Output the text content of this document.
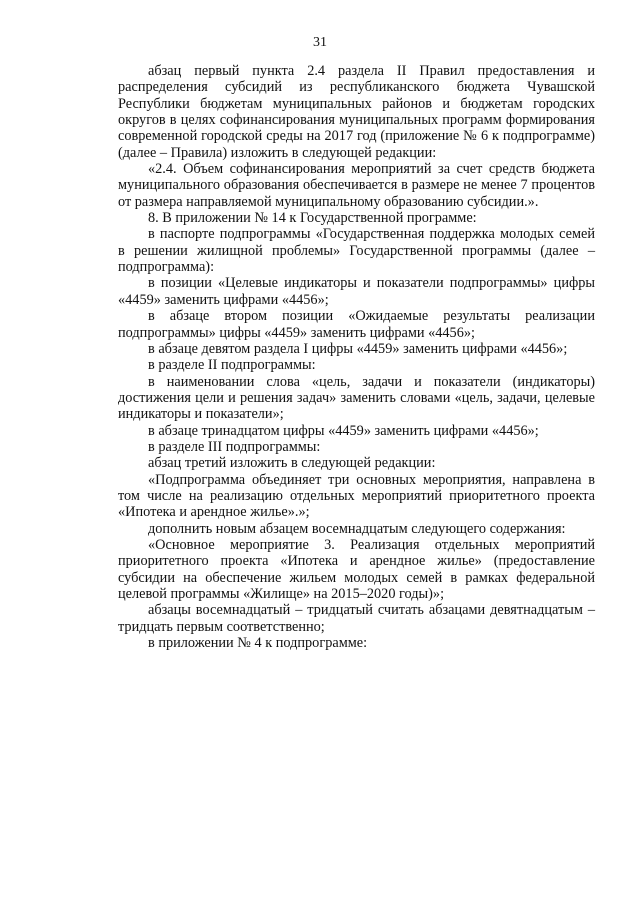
31

абзац первый пункта 2.4 раздела II Правил предоставления и распределения субсидий из республиканского бюджета Чувашской Республики бюджетам муниципальных районов и бюджетам городских округов в целях софинансирования муниципальных программ формирования современной городской среды на 2017 год (приложение № 6 к подпрограмме) (далее – Правила) изложить в следующей редакции:

«2.4. Объем софинансирования мероприятий за счет средств бюджета муниципального образования обеспечивается в размере не менее 7 процентов от размера направляемой муниципальному образованию субсидии.».

8. В приложении № 14 к Государственной программе:

в паспорте подпрограммы «Государственная поддержка молодых семей в решении жилищной проблемы» Государственной программы (далее – подпрограмма):

в позиции «Целевые индикаторы и показатели подпрограммы» цифры «4459» заменить цифрами «4456»;

в абзаце втором позиции «Ожидаемые результаты реализации подпрограммы» цифры «4459» заменить цифрами «4456»;

в абзаце девятом раздела I цифры «4459» заменить цифрами «4456»;

в разделе II подпрограммы:

в наименовании слова «цель, задачи и показатели (индикаторы) достижения цели и решения задач» заменить словами «цель, задачи, целевые индикаторы и показатели»;

в абзаце тринадцатом цифры «4459» заменить цифрами «4456»;

в разделе III подпрограммы:

абзац третий изложить в следующей редакции:

«Подпрограмма объединяет три основных мероприятия, направлена в том числе на реализацию отдельных мероприятий приоритетного проекта «Ипотека и арендное жилье».»;

дополнить новым абзацем восемнадцатым следующего содержания:

«Основное мероприятие 3. Реализация отдельных мероприятий приоритетного проекта «Ипотека и арендное жилье» (предоставление субсидии на обеспечение жильем молодых семей в рамках федеральной целевой программы «Жилище» на 2015–2020 годы)»;

абзацы восемнадцатый – тридцатый считать абзацами девятнадцатым – тридцать первым соответственно;

в приложении № 4 к подпрограмме:
